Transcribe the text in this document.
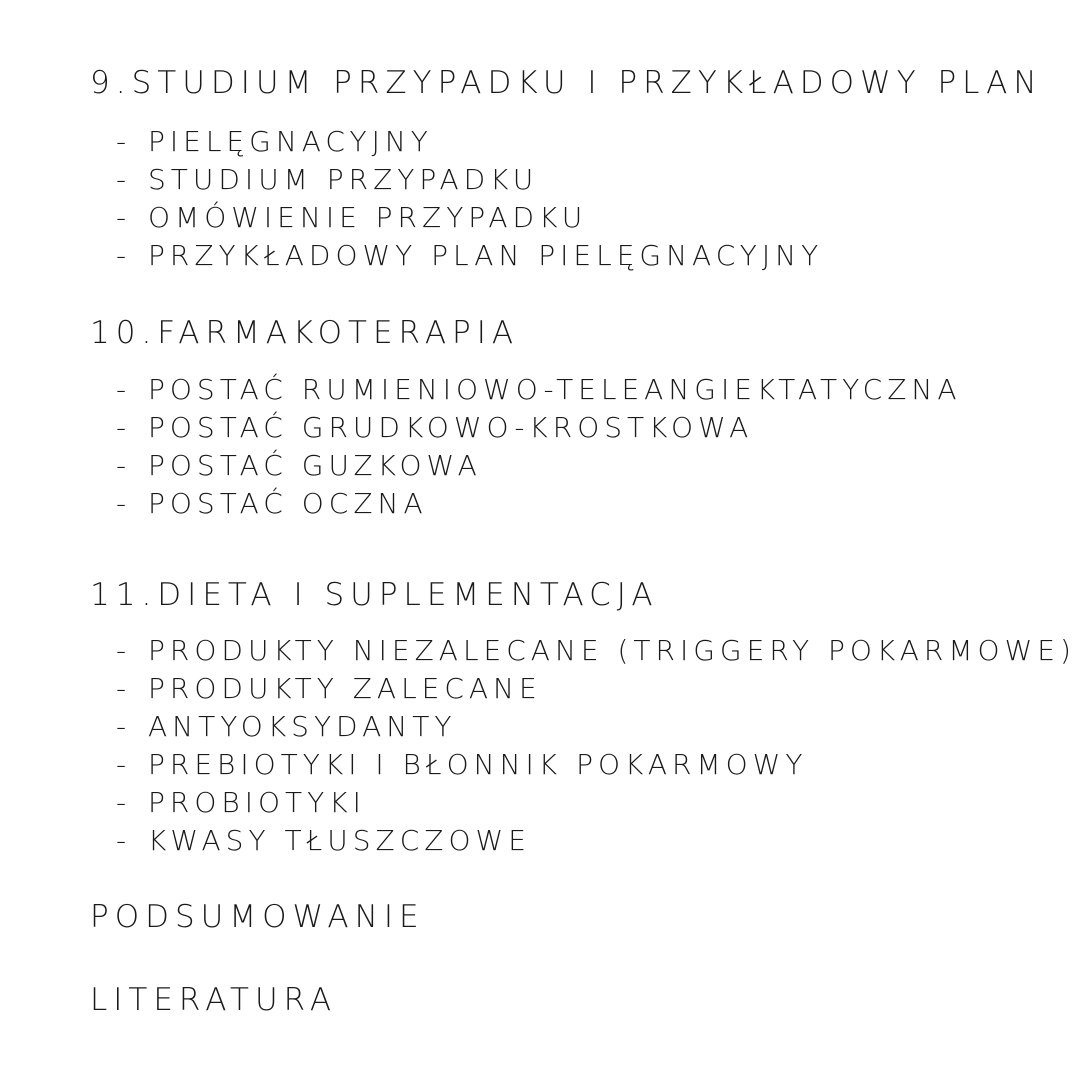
9.STUDIUM PRZYPADKU I PRZYKŁADOWY PLAN
- PIELĘGNACYJNY
- STUDIUM PRZYPADKU
- OMÓWIENIE PRZYPADKU
- PRZYKŁADOWY PLAN PIELĘGNACYJNY
10.FARMAKOTERAPIA
- POSTAĆ RUMIENIOWO-TELEANGIEKTATYCZNA
- POSTAĆ GRUDKOWO-KROSTKOWA
- POSTAĆ GUZKOWA
- POSTAĆ OCZNA
11.DIETA I SUPLEMENTACJA
- PRODUKTY NIEZALECANE (TRIGGERY POKARMOWE)
- PRODUKTY ZALECANE
- ANTYOKSYDANTY
- PREBIOTYKI I BŁONNIK POKARMOWY
- PROBIOTYKI
- KWASY TŁUSZCZOWE
PODSUMOWANIE
LITERATURA
